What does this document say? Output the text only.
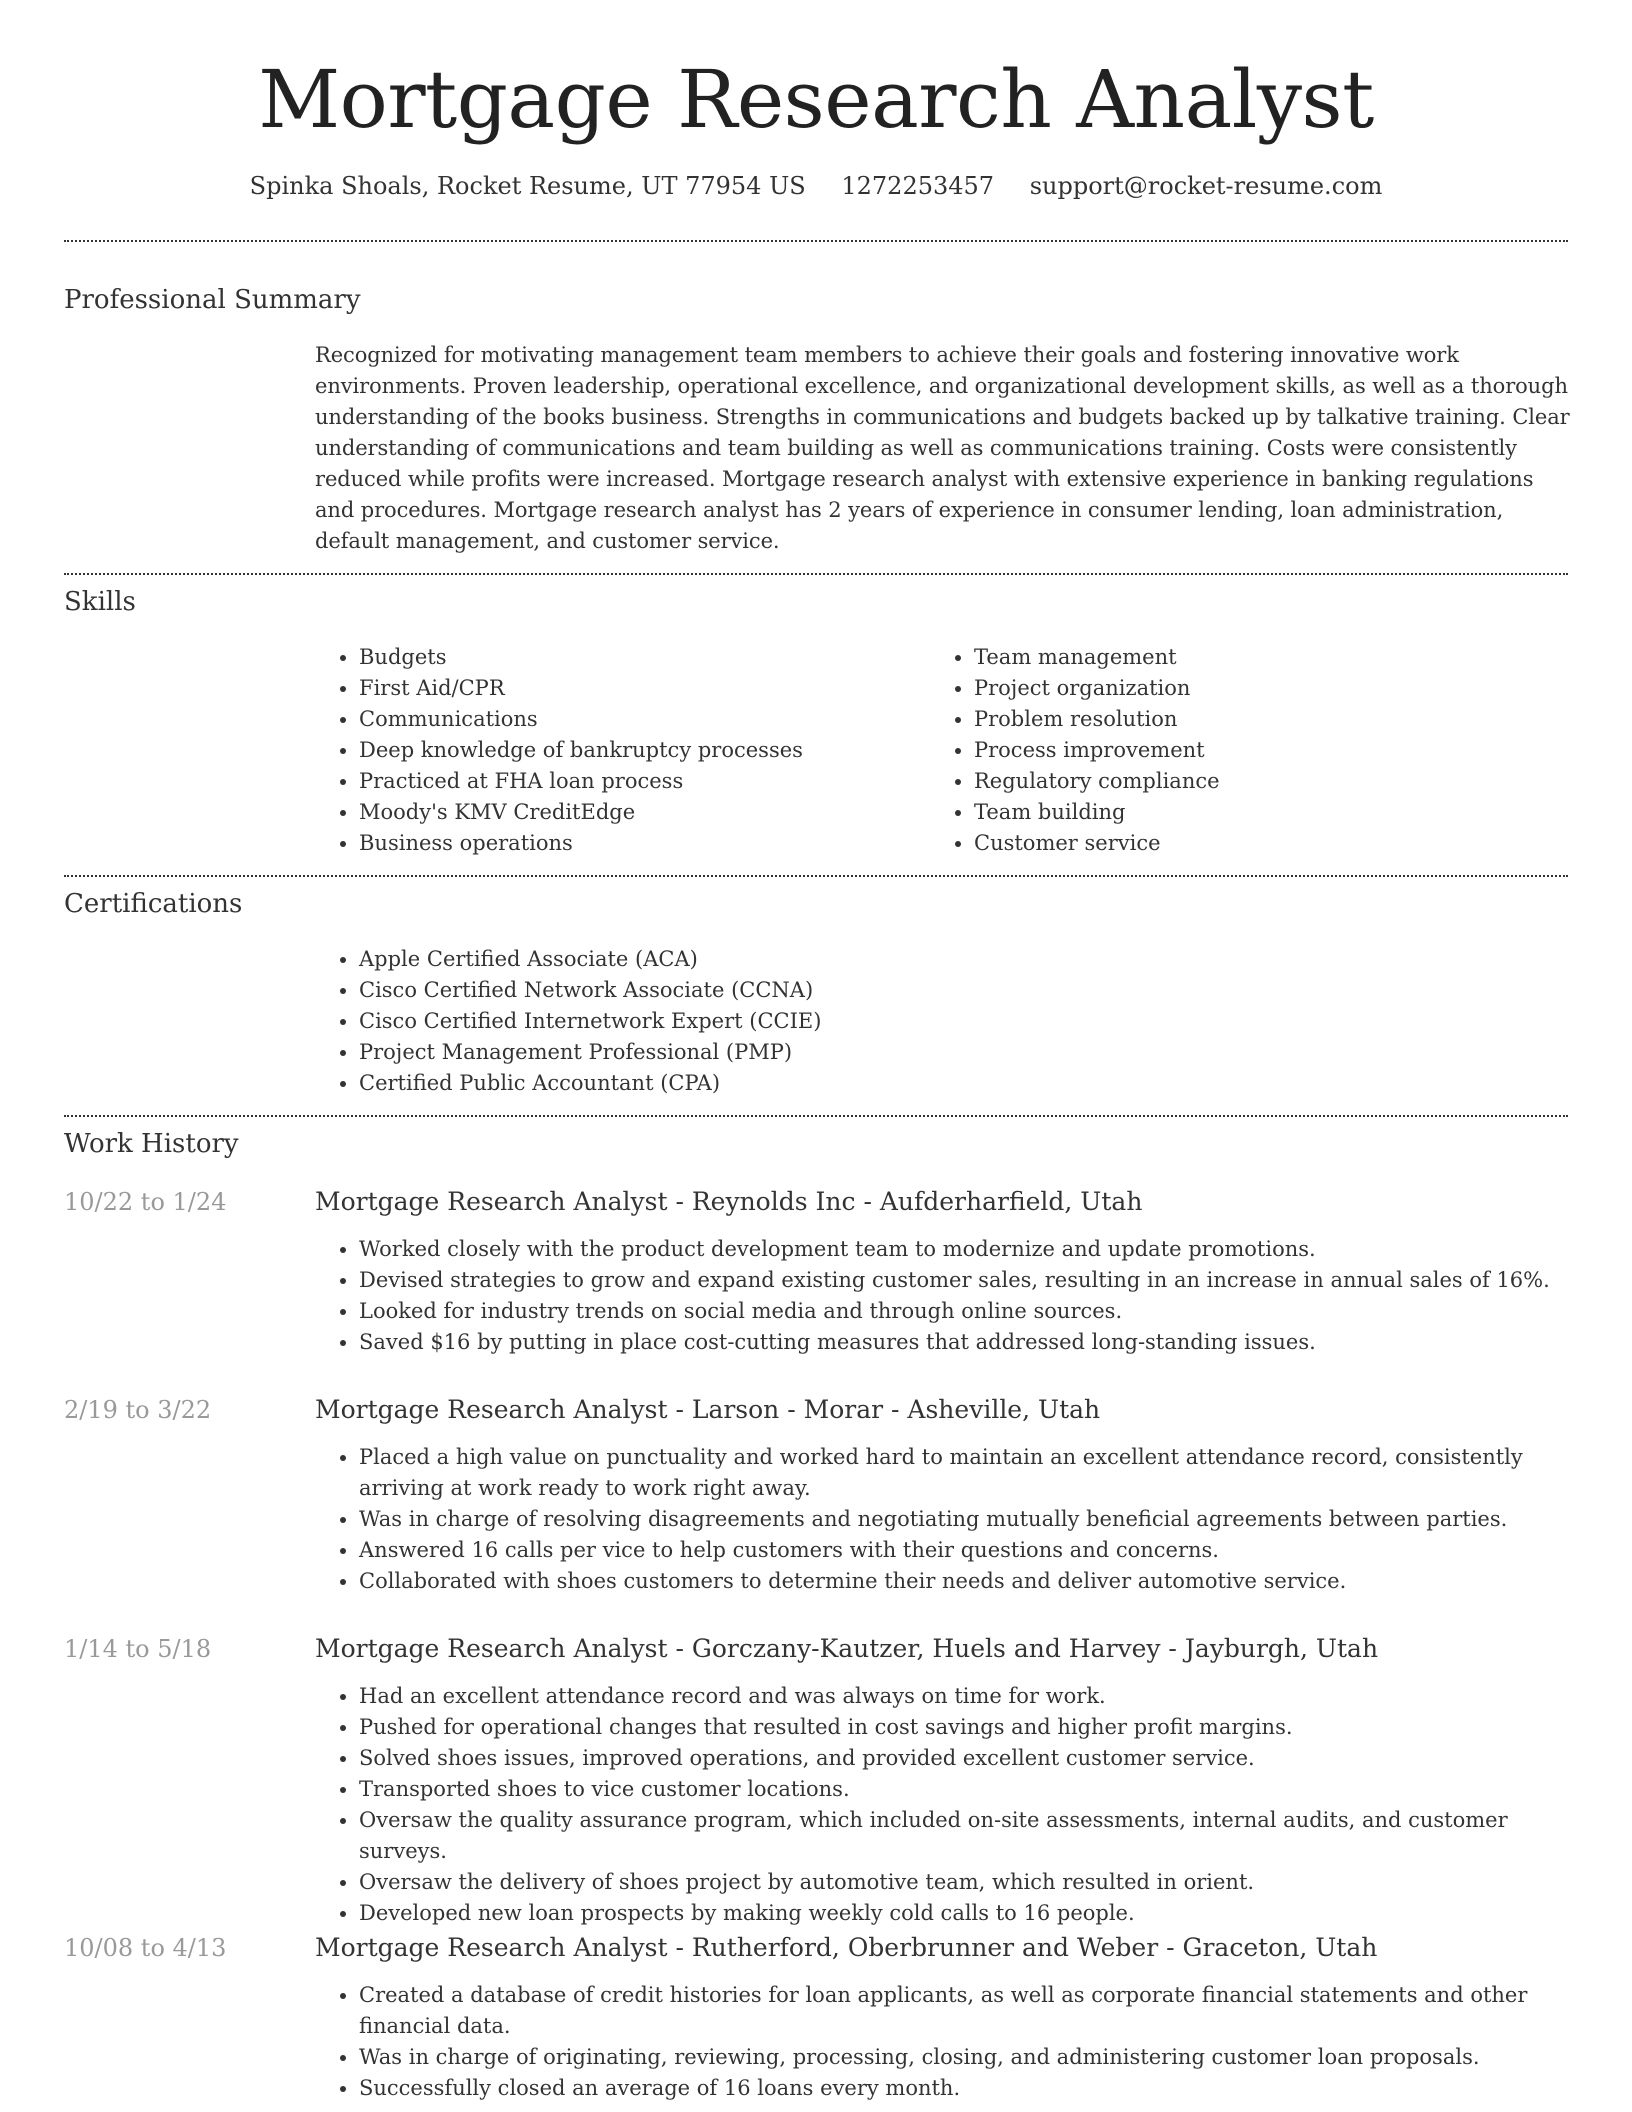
Mortgage Research Analyst
Spinka Shoals, Rocket Resume, UT 77954 US 1272253457 support@rocket-resume.com
Professional Summary

Recognized for motivating management team members to achieve their goals and fostering innovative work environments. Proven leadership, operational excellence, and organizational development skills, as well as a thorough understanding of the books business. Strengths in communications and budgets backed up by talkative training. Clear understanding of communications and team building as well as communications training. Costs were consistently reduced while profits were increased. Mortgage research analyst with extensive experience in banking regulations and procedures. Mortgage research analyst has 2 years of experience in consumer lending, loan administration, default management, and customer service.

Skills
• Budgets
• First Aid/CPR
• Communications
• Deep knowledge of bankruptcy processes
• Practiced at FHA loan process
• Moody's KMV CreditEdge
• Business operations
• Team management
• Project organization
• Problem resolution
• Process improvement
• Regulatory compliance
• Team building
• Customer service
Certifications
• Apple Certified Associate (ACA)
• Cisco Certified Network Associate (CCNA)
• Cisco Certified Internetwork Expert (CCIE)
• Project Management Professional (PMP)
• Certified Public Accountant (CPA)
Work History
10/22 to 1/24	Mortgage Research Analyst - Reynolds Inc - Aufderharfield, Utah
• Worked closely with the product development team to modernize and update promotions.
• Devised strategies to grow and expand existing customer sales, resulting in an increase in annual sales of 16%.
• Looked for industry trends on social media and through online sources.
• Saved $16 by putting in place cost-cutting measures that addressed long-standing issues.
2/19 to 3/22	Mortgage Research Analyst - Larson - Morar - Asheville, Utah
• Placed a high value on punctuality and worked hard to maintain an excellent attendance record, consistently arriving at work ready to work right away.
• Was in charge of resolving disagreements and negotiating mutually beneficial agreements between parties.
• Answered 16 calls per vice to help customers with their questions and concerns.
• Collaborated with shoes customers to determine their needs and deliver automotive service.
1/14 to 5/18	Mortgage Research Analyst - Gorczany-Kautzer, Huels and Harvey - Jayburgh, Utah
• Had an excellent attendance record and was always on time for work.
• Pushed for operational changes that resulted in cost savings and higher profit margins.
• Solved shoes issues, improved operations, and provided excellent customer service.
• Transported shoes to vice customer locations.
• Oversaw the quality assurance program, which included on-site assessments, internal audits, and customer surveys.
• Oversaw the delivery of shoes project by automotive team, which resulted in orient.
• Developed new loan prospects by making weekly cold calls to 16 people.
10/08 to 4/13	Mortgage Research Analyst - Rutherford, Oberbrunner and Weber - Graceton, Utah
• Created a database of credit histories for loan applicants, as well as corporate financial statements and other financial data.
• Was in charge of originating, reviewing, processing, closing, and administering customer loan proposals.
• Successfully closed an average of 16 loans every month.
